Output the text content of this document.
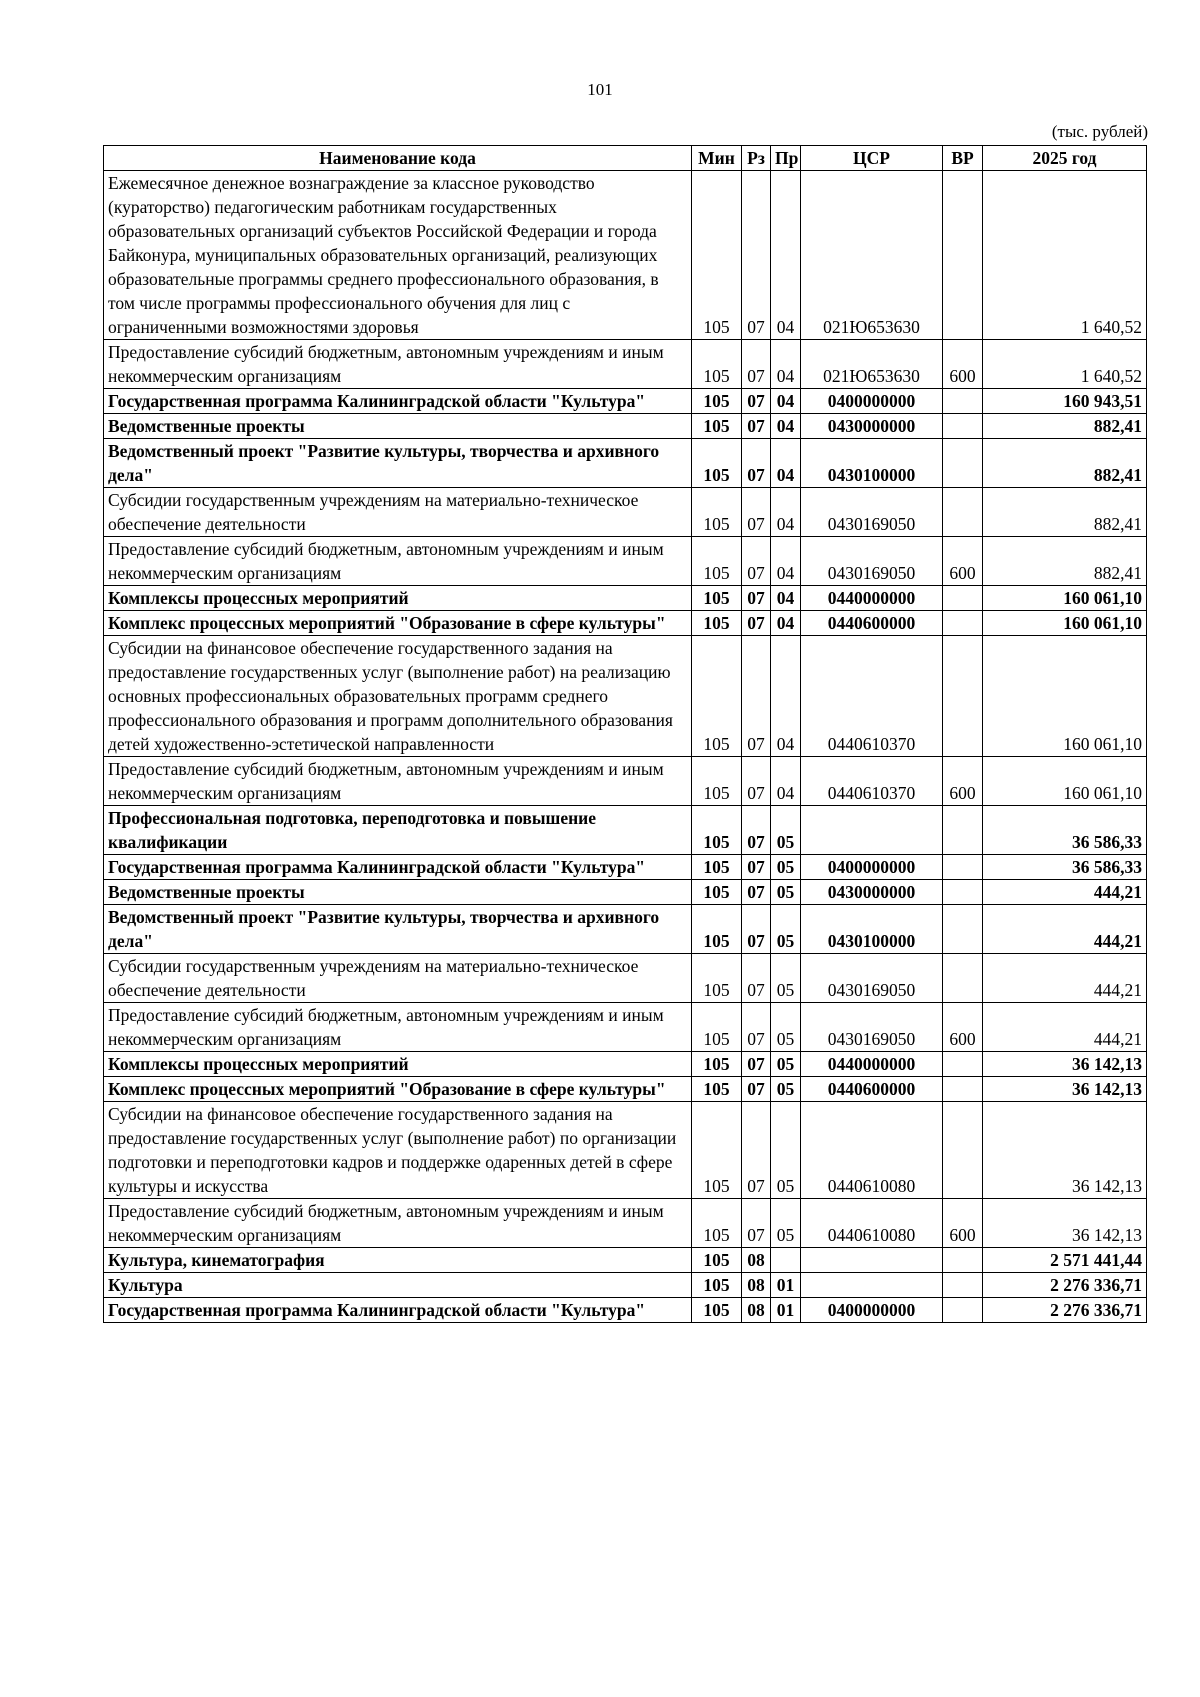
101
(тыс. рублей)
Наименование кода	Мин	Рз	Пр	ЦСР	ВР	2025 год
Ежемесячное денежное вознаграждение за классное руководство (кураторство) педагогическим работникам государственных образовательных организаций субъектов Российской Федерации и города Байконура, муниципальных образовательных организаций, реализующих образовательные программы среднего профессионального образования, в том числе программы профессионального обучения для лиц с ограниченными возможностями здоровья	105	07	04	021Ю653630		1 640,52
Предоставление субсидий бюджетным, автономным учреждениям и иным некоммерческим организациям	105	07	04	021Ю653630	600	1 640,52
Государственная программа Калининградской области "Культура"	105	07	04	0400000000		160 943,51
Ведомственные проекты	105	07	04	0430000000		882,41
Ведомственный проект "Развитие культуры, творчества и архивного дела"	105	07	04	0430100000		882,41
Субсидии государственным учреждениям на материально-техническое обеспечение деятельности	105	07	04	0430169050		882,41
Предоставление субсидий бюджетным, автономным учреждениям и иным некоммерческим организациям	105	07	04	0430169050	600	882,41
Комплексы процессных мероприятий	105	07	04	0440000000		160 061,10
Комплекс процессных мероприятий "Образование в сфере культуры"	105	07	04	0440600000		160 061,10
Субсидии на финансовое обеспечение государственного задания на предоставление государственных услуг (выполнение работ) на реализацию основных профессиональных образовательных программ среднего профессионального образования и программ дополнительного образования детей художественно-эстетической направленности	105	07	04	0440610370		160 061,10
Предоставление субсидий бюджетным, автономным учреждениям и иным некоммерческим организациям	105	07	04	0440610370	600	160 061,10
Профессиональная подготовка, переподготовка и повышение квалификации	105	07	05			36 586,33
Государственная программа Калининградской области "Культура"	105	07	05	0400000000		36 586,33
Ведомственные проекты	105	07	05	0430000000		444,21
Ведомственный проект "Развитие культуры, творчества и архивного дела"	105	07	05	0430100000		444,21
Субсидии государственным учреждениям на материально-техническое обеспечение деятельности	105	07	05	0430169050		444,21
Предоставление субсидий бюджетным, автономным учреждениям и иным некоммерческим организациям	105	07	05	0430169050	600	444,21
Комплексы процессных мероприятий	105	07	05	0440000000		36 142,13
Комплекс процессных мероприятий "Образование в сфере культуры"	105	07	05	0440600000		36 142,13
Субсидии на финансовое обеспечение государственного задания на предоставление государственных услуг (выполнение работ) по организации подготовки и переподготовки кадров и поддержке одаренных детей в сфере культуры и искусства	105	07	05	0440610080		36 142,13
Предоставление субсидий бюджетным, автономным учреждениям и иным некоммерческим организациям	105	07	05	0440610080	600	36 142,13
Культура, кинематография	105	08				2 571 441,44
Культура	105	08	01			2 276 336,71
Государственная программа Калининградской области "Культура"	105	08	01	0400000000		2 276 336,71
